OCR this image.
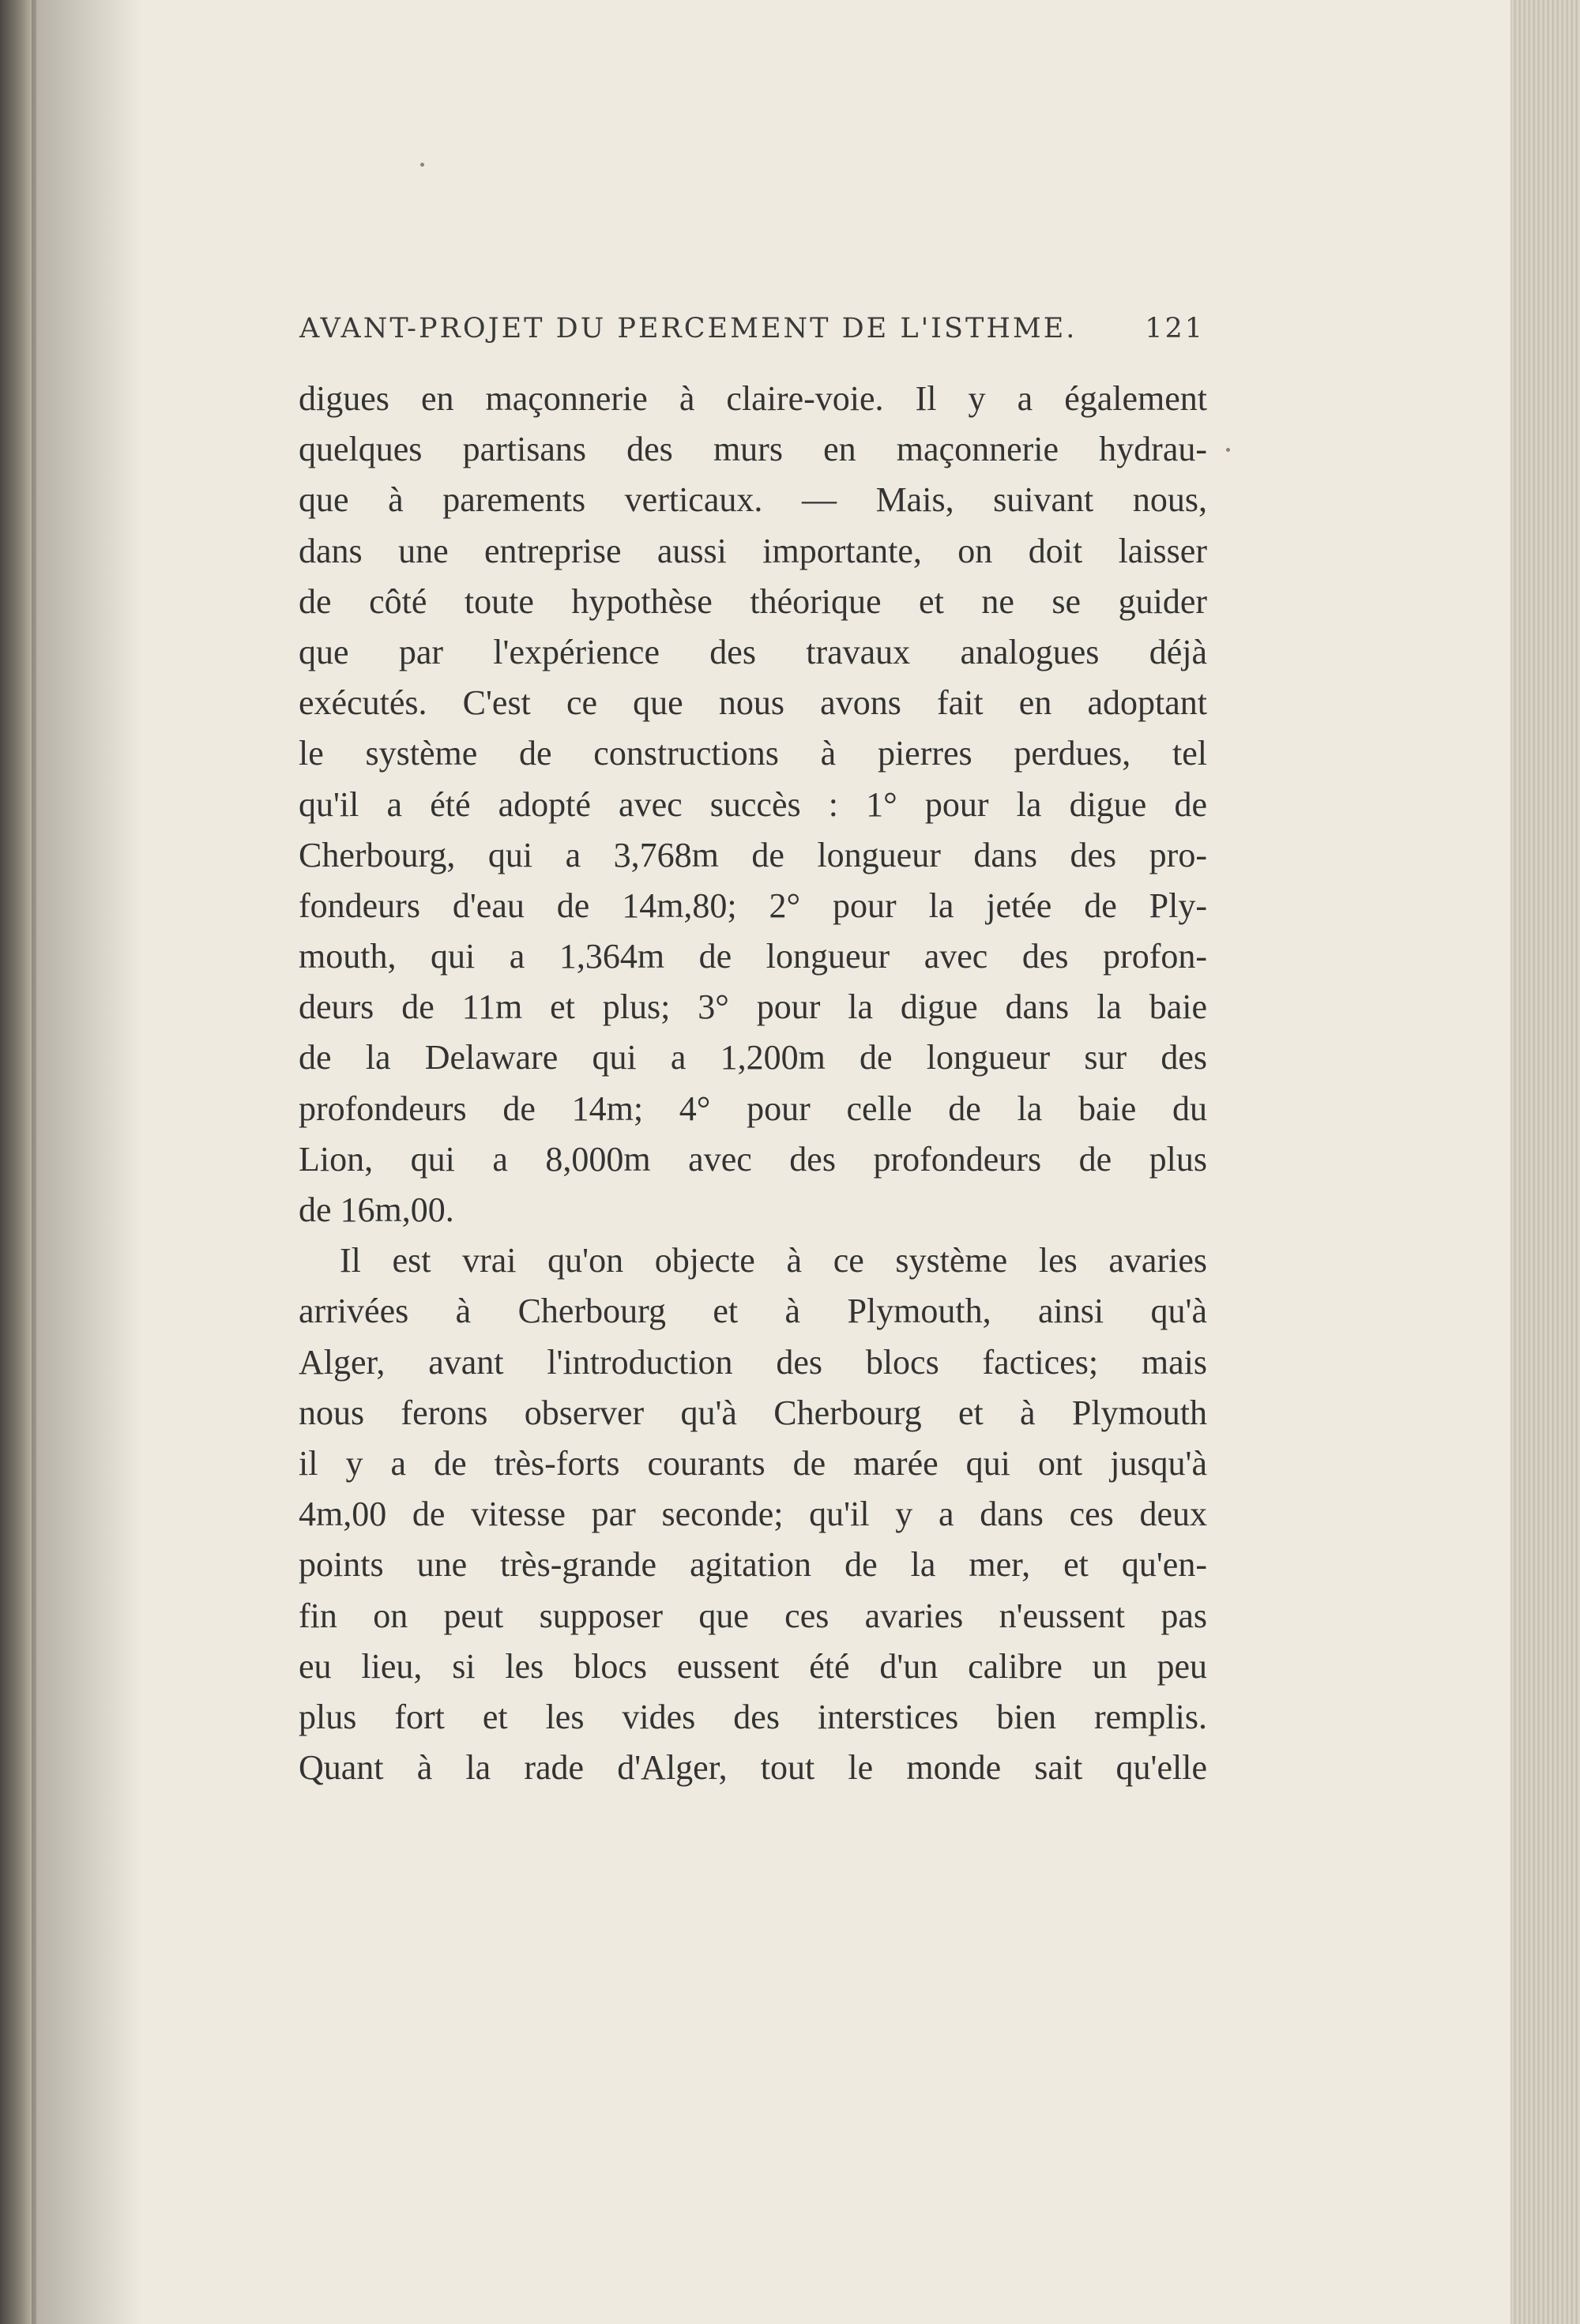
AVANT-PROJET DU PERCEMENT DE L'ISTHME. 121
digues en maçonnerie à claire-voie. Il y a également
quelques partisans des murs en maçonnerie hydrau-
que à parements verticaux. — Mais, suivant nous,
dans une entreprise aussi importante, on doit laisser
de côté toute hypothèse théorique et ne se guider
que par l'expérience des travaux analogues déjà
exécutés. C'est ce que nous avons fait en adoptant
le système de constructions à pierres perdues, tel
qu'il a été adopté avec succès : 1° pour la digue de
Cherbourg, qui a 3,768m de longueur dans des pro-
fondeurs d'eau de 14m,80; 2° pour la jetée de Ply-
mouth, qui a 1,364m de longueur avec des profon-
deurs de 11m et plus; 3° pour la digue dans la baie
de la Delaware qui a 1,200m de longueur sur des
profondeurs de 14m; 4° pour celle de la baie du
Lion, qui a 8,000m avec des profondeurs de plus
de 16m,00.
Il est vrai qu'on objecte à ce système les avaries
arrivées à Cherbourg et à Plymouth, ainsi qu'à
Alger, avant l'introduction des blocs factices; mais
nous ferons observer qu'à Cherbourg et à Plymouth
il y a de très-forts courants de marée qui ont jusqu'à
4m,00 de vitesse par seconde; qu'il y a dans ces deux
points une très-grande agitation de la mer, et qu'en-
fin on peut supposer que ces avaries n'eussent pas
eu lieu, si les blocs eussent été d'un calibre un peu
plus fort et les vides des interstices bien remplis.
Quant à la rade d'Alger, tout le monde sait qu'elle
